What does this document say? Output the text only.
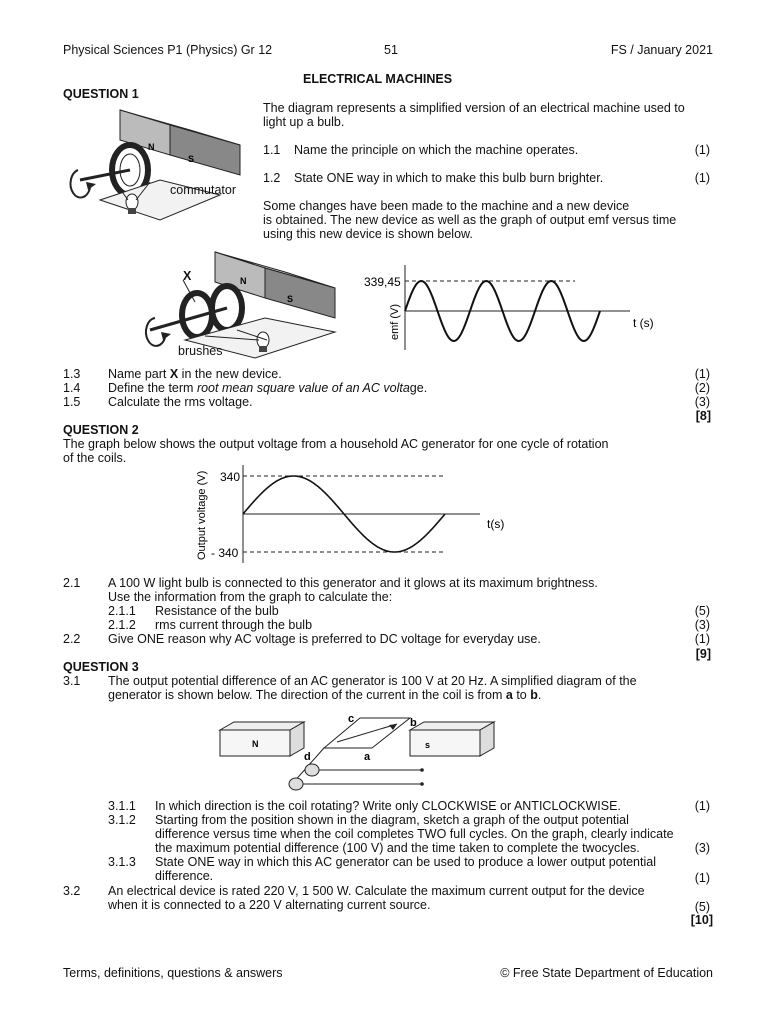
Physical Sciences P1 (Physics) Gr 12	51	FS / January 2021
ELECTRICAL MACHINES
QUESTION 1
The diagram represents a simplified version of an electrical machine used to
light up a bulb.
1.1 Name the principle on which the machine operates.	(1)
1.2 State ONE way in which to make this bulb burn brighter.	(1)
Some changes have been made to the machine and a new device
is obtained. The new device as well as the graph of output emf versus time
using this new device is shown below.
N
S
commutator
N
S
X
brushes
339,45
t (s)
emf (V)
1.3 Name part X in the new device.	(1)
1.4 Define the term root mean square value of an AC voltage.	(2)
1.5 Calculate the rms voltage.	(3)
[8]
QUESTION 2
The graph below shows the output voltage from a household AC generator for one cycle of rotation
of the coils.
340
- 340
t(s)
Output voltage (V)
2.1 A 100 W light bulb is connected to this generator and it glows at its maximum brightness.
Use the information from the graph to calculate the:
2.1.1 Resistance of the bulb	(5)
2.1.2 rms current through the bulb	(3)
2.2 Give ONE reason why AC voltage is preferred to DC voltage for everyday use.	(1)
[9]
QUESTION 3
3.1 The output potential difference of an AC generator is 100 V at 20 Hz. A simplified diagram of the
generator is shown below. The direction of the current in the coil is from a to b.
N	s
c	b
d	a
3.1.1 In which direction is the coil rotating? Write only CLOCKWISE or ANTICLOCKWISE.	(1)
3.1.2 Starting from the position shown in the diagram, sketch a graph of the output potential
difference versus time when the coil completes TWO full cycles. On the graph, clearly indicate
the maximum potential difference (100 V) and the time taken to complete the twocycles.	(3)
3.1.3 State ONE way in which this AC generator can be used to produce a lower output potential
difference.	(1)
3.2 An electrical device is rated 220 V, 1 500 W. Calculate the maximum current output for the device
when it is connected to a 220 V alternating current source.	(5)
[10]
Terms, definitions, questions & answers	© Free State Department of Education
